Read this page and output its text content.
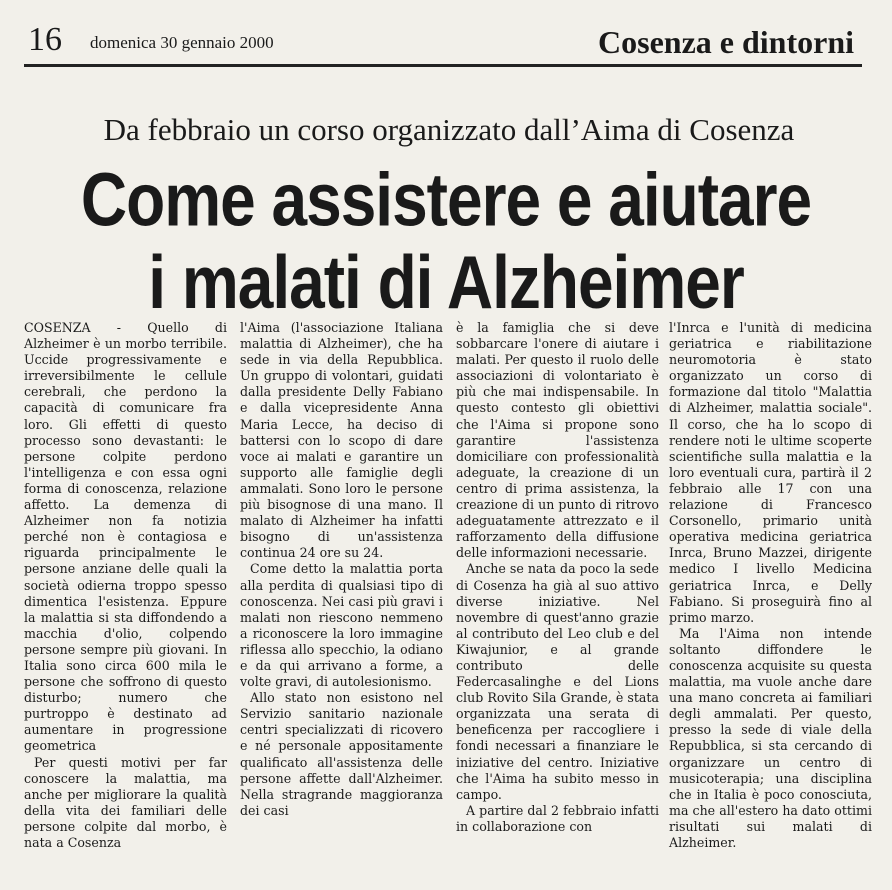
16 domenica 30 gennaio 2000	Cosenza e dintorni
Da febbraio un corso organizzato dall’Aima di Cosenza
Come assistere e aiutare
i malati di Alzheimer

COSENZA - Quello di Alzheimer è un morbo terribile. Uccide progressivamente e irreversibilmente le cellule cerebrali, che perdono la capacità di comunicare fra loro. Gli effetti di questo processo sono devastanti: le persone colpite perdono l'intelligenza e con essa ogni forma di conoscenza, relazione affetto. La demenza di Alzheimer non fa notizia perché non è contagiosa e riguarda principalmente le persone anziane delle quali la società odierna troppo spesso dimentica l'esistenza. Eppure la malattia si sta diffondendo a macchia d'olio, colpendo persone sempre più giovani. In Italia sono circa 600 mila le persone che soffrono di questo disturbo; numero che purtroppo è destinato ad aumentare in progressione geometrica

Per questi motivi per far conoscere la malattia, ma anche per migliorare la qualità della vita dei familiari delle persone colpite dal morbo, è nata a Cosenza

l'Aima (l'associazione Italiana malattia di Alzheimer), che ha sede in via della Repubblica. Un gruppo di volontari, guidati dalla presidente Delly Fabiano e dalla vicepresidente Anna Maria Lecce, ha deciso di battersi con lo scopo di dare voce ai malati e garantire un supporto alle famiglie degli ammalati. Sono loro le persone più bisognose di una mano. Il malato di Alzheimer ha infatti bisogno di un'assistenza continua 24 ore su 24.

Come detto la malattia porta alla perdita di qualsiasi tipo di conoscenza. Nei casi più gravi i malati non riescono nemmeno a riconoscere la loro immagine riflessa allo specchio, la odiano e da qui arrivano a forme, a volte gravi, di autolesionismo.

Allo stato non esistono nel Servizio sanitario nazionale centri specializzati di ricovero e né personale appositamente qualificato all'assistenza delle persone affette dall'Alzheimer. Nella stragrande maggioranza dei casi

è la famiglia che si deve sobbarcare l'onere di aiutare i malati. Per questo il ruolo delle associazioni di volontariato è più che mai indispensabile. In questo contesto gli obiettivi che l'Aima si propone sono garantire l'assistenza domiciliare con professionalità adeguate, la creazione di un centro di prima assistenza, la creazione di un punto di ritrovo adeguatamente attrezzato e il rafforzamento della diffusione delle informazioni necessarie.

Anche se nata da poco la sede di Cosenza ha già al suo attivo diverse iniziative. Nel novembre di quest'anno grazie al contributo del Leo club e del Kiwajunior, e al grande contributo delle Federcasalinghe e del Lions club Rovito Sila Grande, è stata organizzata una serata di beneficenza per raccogliere i fondi necessari a finanziare le iniziative del centro. Iniziative che l'Aima ha subito messo in campo.

A partire dal 2 febbraio infatti in collaborazione con

l'Inrca e l'unità di medicina geriatrica e riabilitazione neuromotoria è stato organizzato un corso di formazione dal titolo "Malattia di Alzheimer, malattia sociale". Il corso, che ha lo scopo di rendere noti le ultime scoperte scientifiche sulla malattia e la loro eventuali cura, partirà il 2 febbraio alle 17 con una relazione di Francesco Corsonello, primario unità operativa medicina geriatrica Inrca, Bruno Mazzei, dirigente medico I livello Medicina geriatrica Inrca, e Delly Fabiano. Si proseguirà fino al primo marzo.

Ma l'Aima non intende soltanto diffondere le conoscenza acquisite su questa malattia, ma vuole anche dare una mano concreta ai familiari degli ammalati. Per questo, presso la sede di viale della Repubblica, si sta cercando di organizzare un centro di musicoterapia; una disciplina che in Italia è poco conosciuta, ma che all'estero ha dato ottimi risultati sui malati di Alzheimer.
